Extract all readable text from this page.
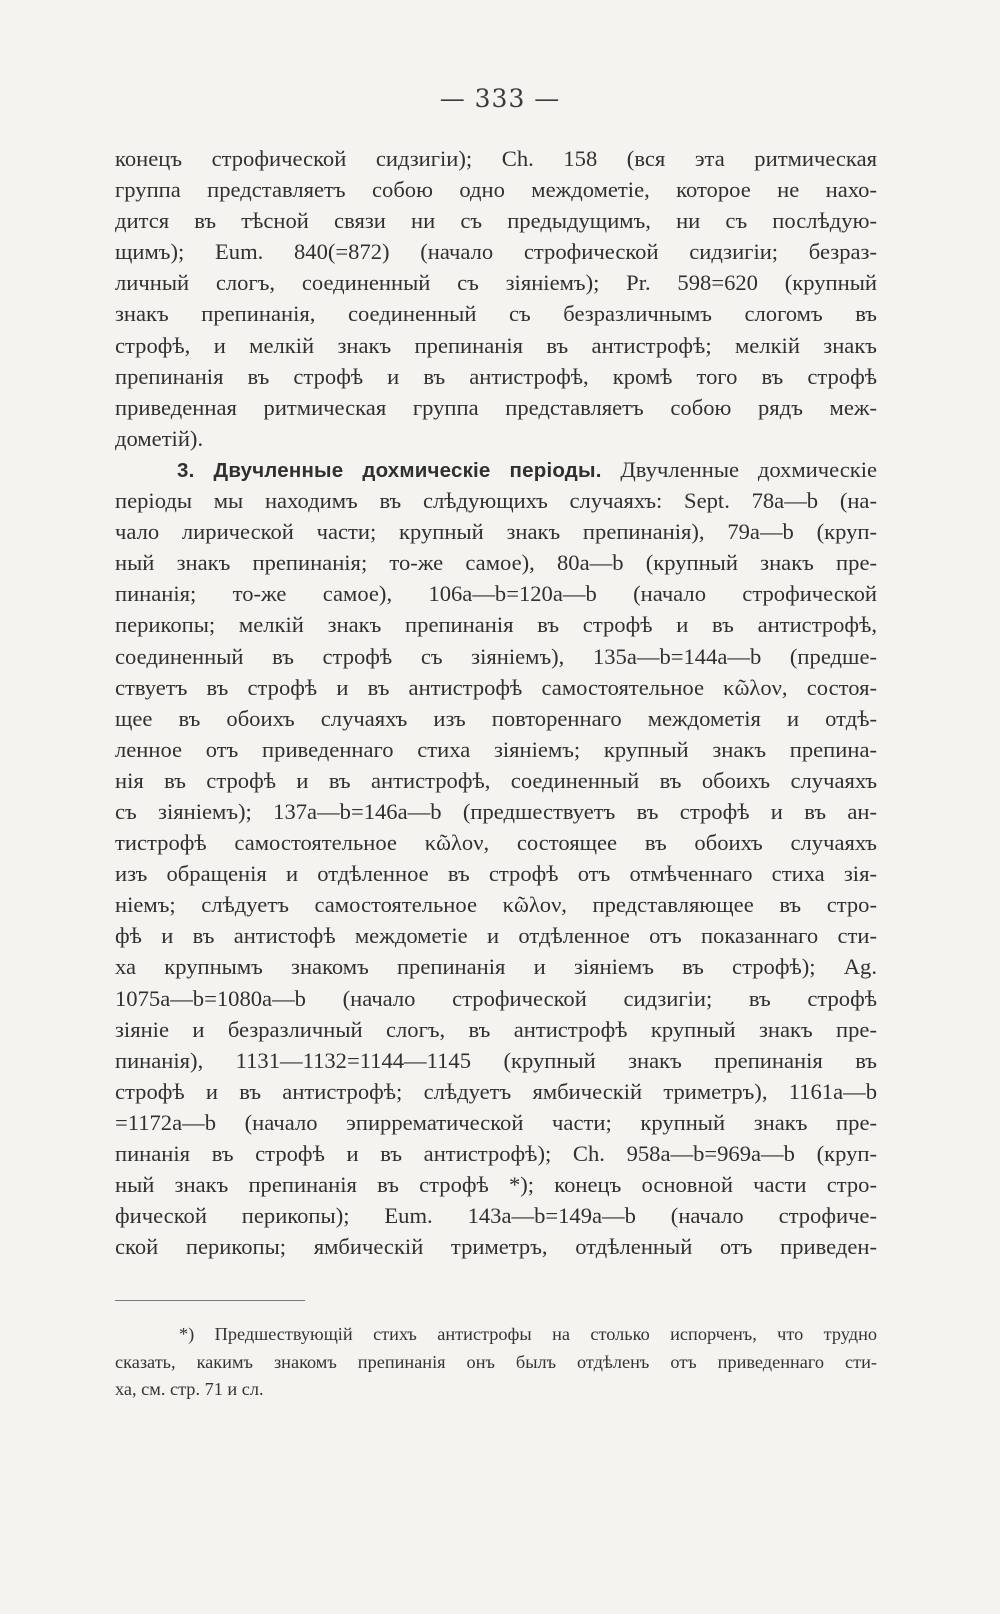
— 333 —
конецъ строфической сидзигіи); Ch. 158 (вся эта ритмическая
группа представляетъ собою одно междометіе, которое не нахо-
дится въ тѣсной связи ни съ предыдущимъ, ни съ послѣдую-
щимъ); Eum. 840(=872) (начало строфической сидзигіи; безраз-
личный слогъ, соединенный съ зіяніемъ); Pr. 598=620 (крупный
знакъ препинанія, соединенный съ безразличнымъ слогомъ въ
строфѣ, и мелкій знакъ препинанія въ антистрофѣ; мелкій знакъ
препинанія въ строфѣ и въ антистрофѣ, кромѣ того въ строфѣ
приведенная ритмическая группа представляетъ собою рядъ меж-
дометій).
3. Двучленные дохмическіе періоды. Двучленные дохмическіе
періоды мы находимъ въ слѣдующихъ случаяхъ: Sept. 78a—b (на-
чало лирической части; крупный знакъ препинанія), 79a—b (круп-
ный знакъ препинанія; то-же самое), 80a—b (крупный знакъ пре-
пинанія; то-же самое), 106a—b=120a—b (начало строфической
перикопы; мелкій знакъ препинанія въ строфѣ и въ антистрофѣ,
соединенный въ строфѣ съ зіяніемъ), 135a—b=144a—b (предше-
ствуетъ въ строфѣ и въ антистрофѣ самостоятельное κῶλον, состоя-
щее въ обоихъ случаяхъ изъ повтореннаго междометія и отдѣ-
ленное отъ приведеннаго стиха зіяніемъ; крупный знакъ препина-
нія въ строфѣ и въ антистрофѣ, соединенный въ обоихъ случаяхъ
съ зіяніемъ); 137a—b=146a—b (предшествуетъ въ строфѣ и въ ан-
тистрофѣ самостоятельное κῶλον, состоящее въ обоихъ случаяхъ
изъ обращенія и отдѣленное въ строфѣ отъ отмѣченнаго стиха зія-
ніемъ; слѣдуетъ самостоятельное κῶλον, представляющее въ стро-
фѣ и въ антистофѣ междометіе и отдѣленное отъ показаннаго сти-
ха крупнымъ знакомъ препинанія и зіяніемъ въ строфѣ); Ag.
1075a—b=1080a—b (начало строфической сидзигіи; въ строфѣ
зіяніе и безразличный слогъ, въ антистрофѣ крупный знакъ пре-
пинанія), 1131—1132=1144—1145 (крупный знакъ препинанія въ
строфѣ и въ антистрофѣ; слѣдуетъ ямбическій триметръ), 1161a—b
=1172a—b (начало эпиррематической части; крупный знакъ пре-
пинанія въ строфѣ и въ антистрофѣ); Ch. 958a—b=969a—b (круп-
ный знакъ препинанія въ строфѣ *); конецъ основной части стро-
фической перикопы); Eum. 143a—b=149a—b (начало строфиче-
ской перикопы; ямбическій триметръ, отдѣленный отъ приведен-
*) Предшествующій стихъ антистрофы на столько испорченъ, что трудно
сказать, какимъ знакомъ препинанія онъ былъ отдѣленъ отъ приведеннаго сти-
ха, см. стр. 71 и сл.
